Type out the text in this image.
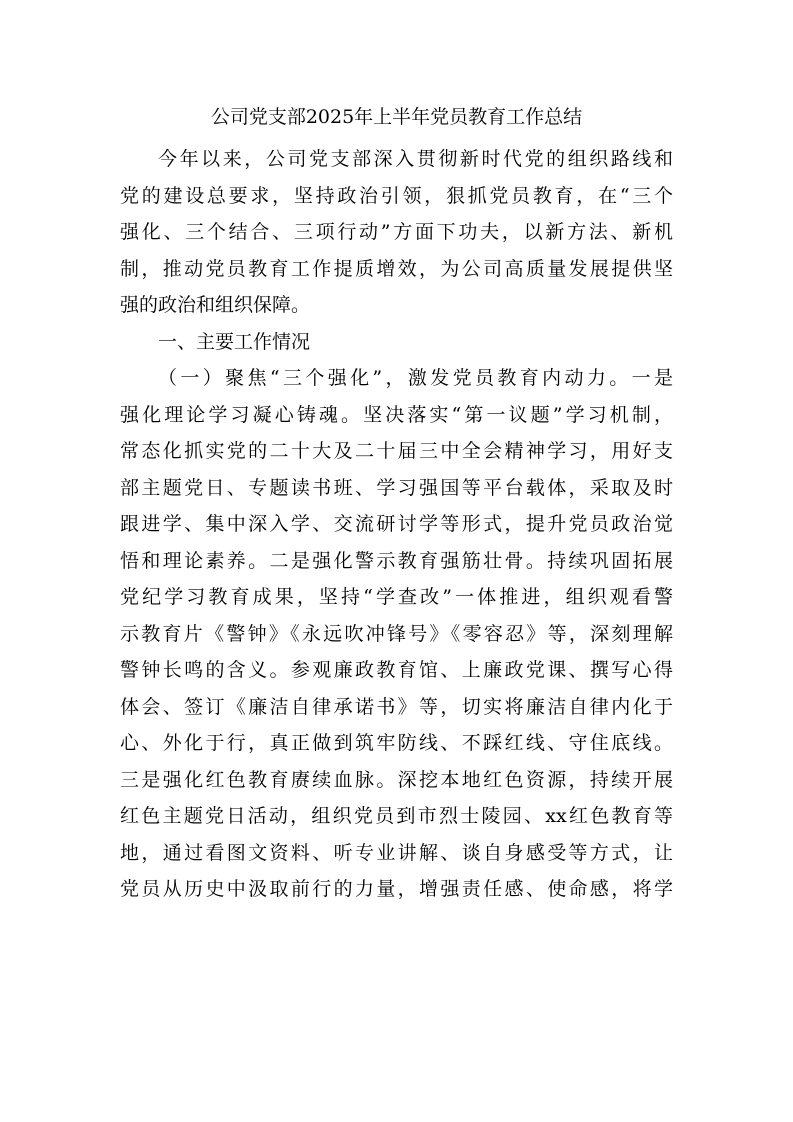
公司党支部2025年上半年党员教育工作总结
今年以来，公司党支部深入贯彻新时代党的组织路线和
党的建设总要求，坚持政治引领，狠抓党员教育，在“三个
强化、三个结合、三项行动”方面下功夫，以新方法、新机
制，推动党员教育工作提质增效，为公司高质量发展提供坚
强的政治和组织保障。
一、主要工作情况
（一）聚焦“三个强化”，激发党员教育内动力。一是
强化理论学习凝心铸魂。坚决落实“第一议题”学习机制，
常态化抓实党的二十大及二十届三中全会精神学习，用好支
部主题党日、专题读书班、学习强国等平台载体，采取及时
跟进学、集中深入学、交流研讨学等形式，提升党员政治觉
悟和理论素养。二是强化警示教育强筋壮骨。持续巩固拓展
党纪学习教育成果，坚持“学查改”一体推进，组织观看警
示教育片《警钟》《永远吹冲锋号》《零容忍》等，深刻理解
警钟长鸣的含义。参观廉政教育馆、上廉政党课、撰写心得
体会、签订《廉洁自律承诺书》等，切实将廉洁自律内化于
心、外化于行，真正做到筑牢防线、不踩红线、守住底线。
三是强化红色教育赓续血脉。深挖本地红色资源，持续开展
红色主题党日活动，组织党员到市烈士陵园、xx红色教育等
地，通过看图文资料、听专业讲解、谈自身感受等方式，让
党员从历史中汲取前行的力量，增强责任感、使命感，将学
